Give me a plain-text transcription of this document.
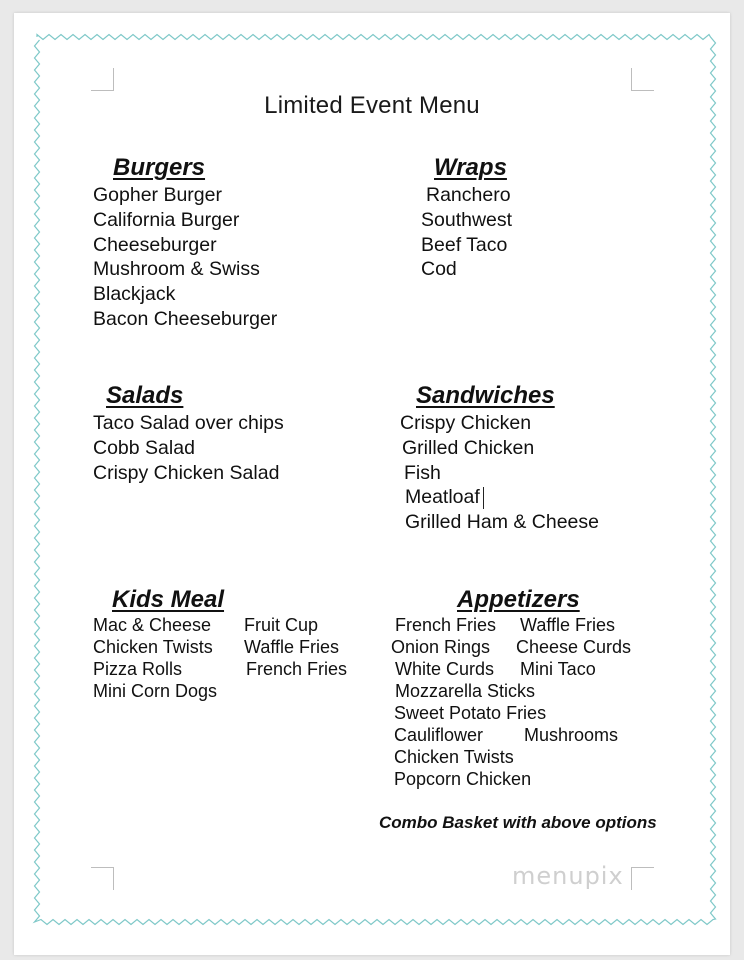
Limited Event Menu
Burgers
Gopher Burger
California Burger
Cheeseburger
Mushroom & Swiss
Blackjack
Bacon Cheeseburger
Wraps
Ranchero
Southwest
Beef Taco
Cod
Salads
Taco Salad over chips
Cobb Salad
Crispy Chicken Salad
Sandwiches
Crispy Chicken
Grilled Chicken
Fish
Meatloaf
Grilled Ham & Cheese
Kids Meal
Mac & Cheese
Chicken Twists
Pizza Rolls
Mini Corn Dogs
Fruit Cup
Waffle Fries
French Fries
Appetizers
French Fries
Onion Rings
White Curds
Mozzarella Sticks
Sweet Potato Fries
Cauliflower
Chicken Twists
Popcorn Chicken
Waffle Fries
Cheese Curds
Mini Taco
Mushrooms
Combo Basket with above options
menupix
